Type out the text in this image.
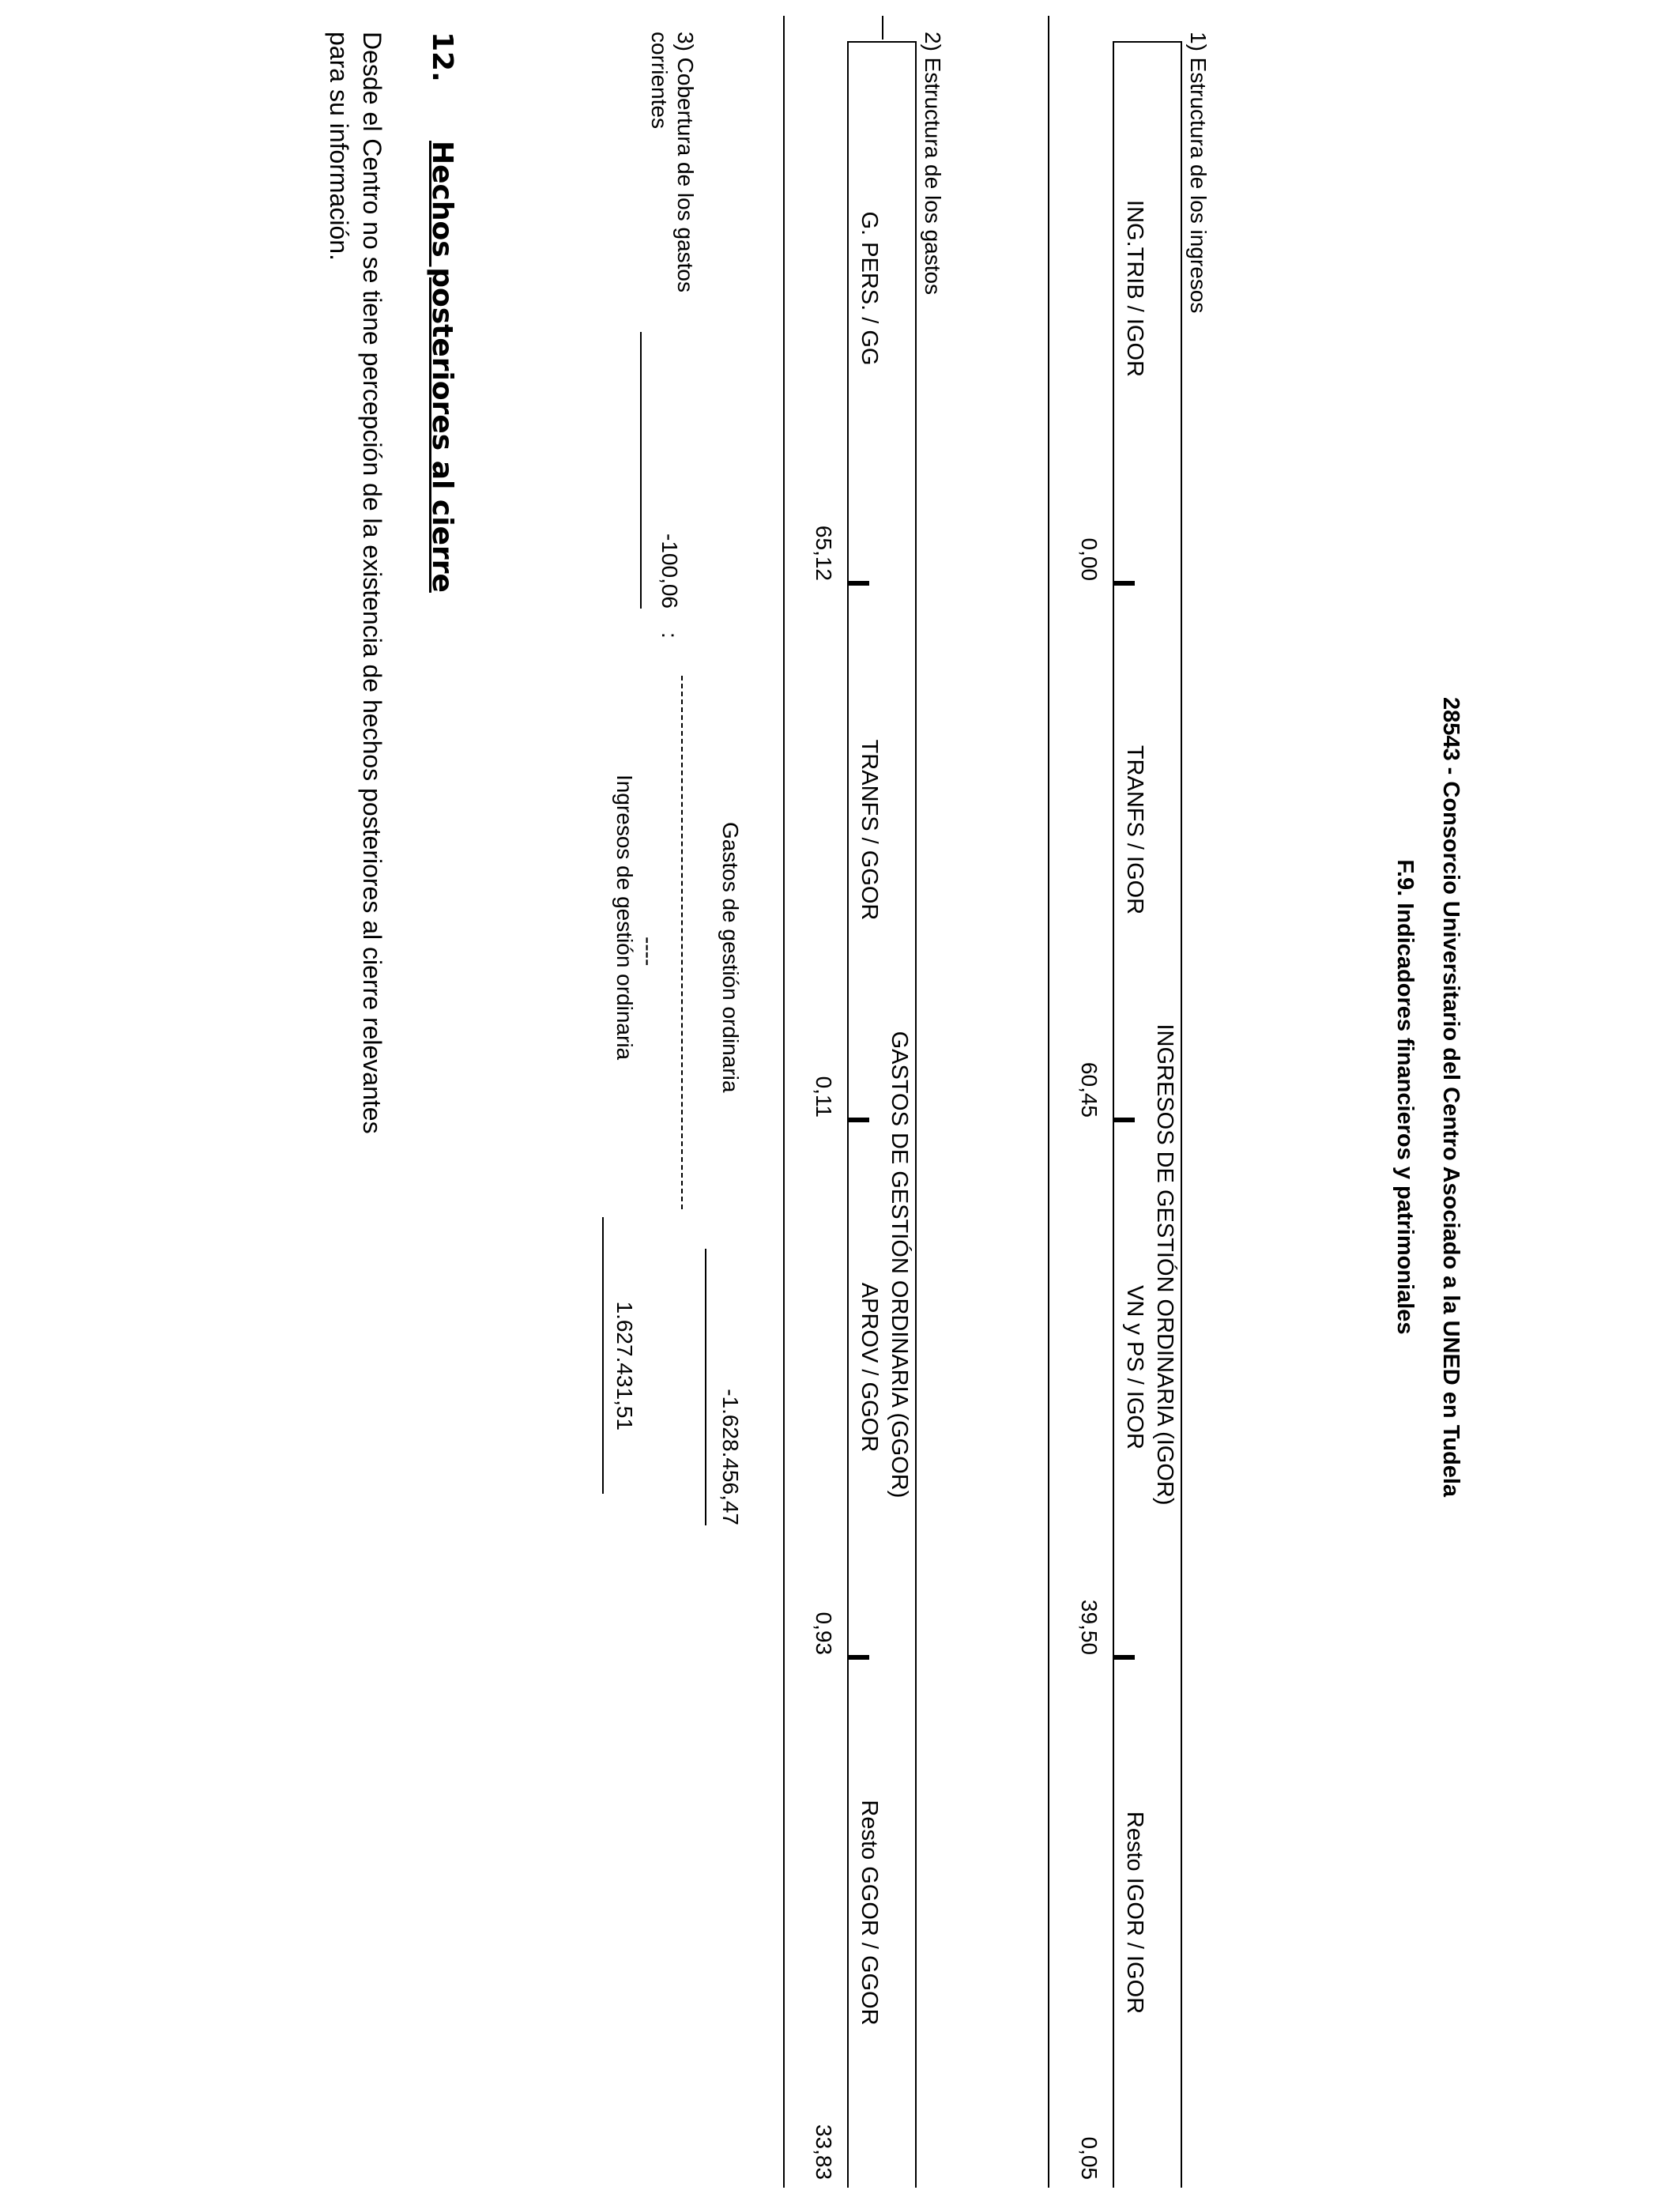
28543 - Consorcio Universitario del Centro Asociado a la UNED en Tudela
F.9. Indicadores financieros y patrimoniales
1) Estructura de los ingresos
INGRESOS DE GESTIÓN ORDINARIA (IGOR)
ING.TRIB / IGOR
TRANFS / IGOR
VN y PS / IGOR
Resto IGOR / IGOR
0,00
60,45
39,50
0,05
2) Estructura de los gastos
GASTOS DE GESTIÓN ORDINARIA (GGOR)
G. PERS. / GG
TRANFS / GGOR
APROV / GGOR
Resto GGOR / GGOR
65,12
0,11
0,93
33,83
3) Cobertura de los gastos
corrientes
-100,06
:
Gastos de gestión ordinaria
-1.628.456,47
----
Ingresos de gestión ordinaria
1.627.431,51
12.
Hechos posteriores al cierre
Desde el Centro no se tiene percepción de la existencia de hechos posteriores al cierre relevantes
para su información.
